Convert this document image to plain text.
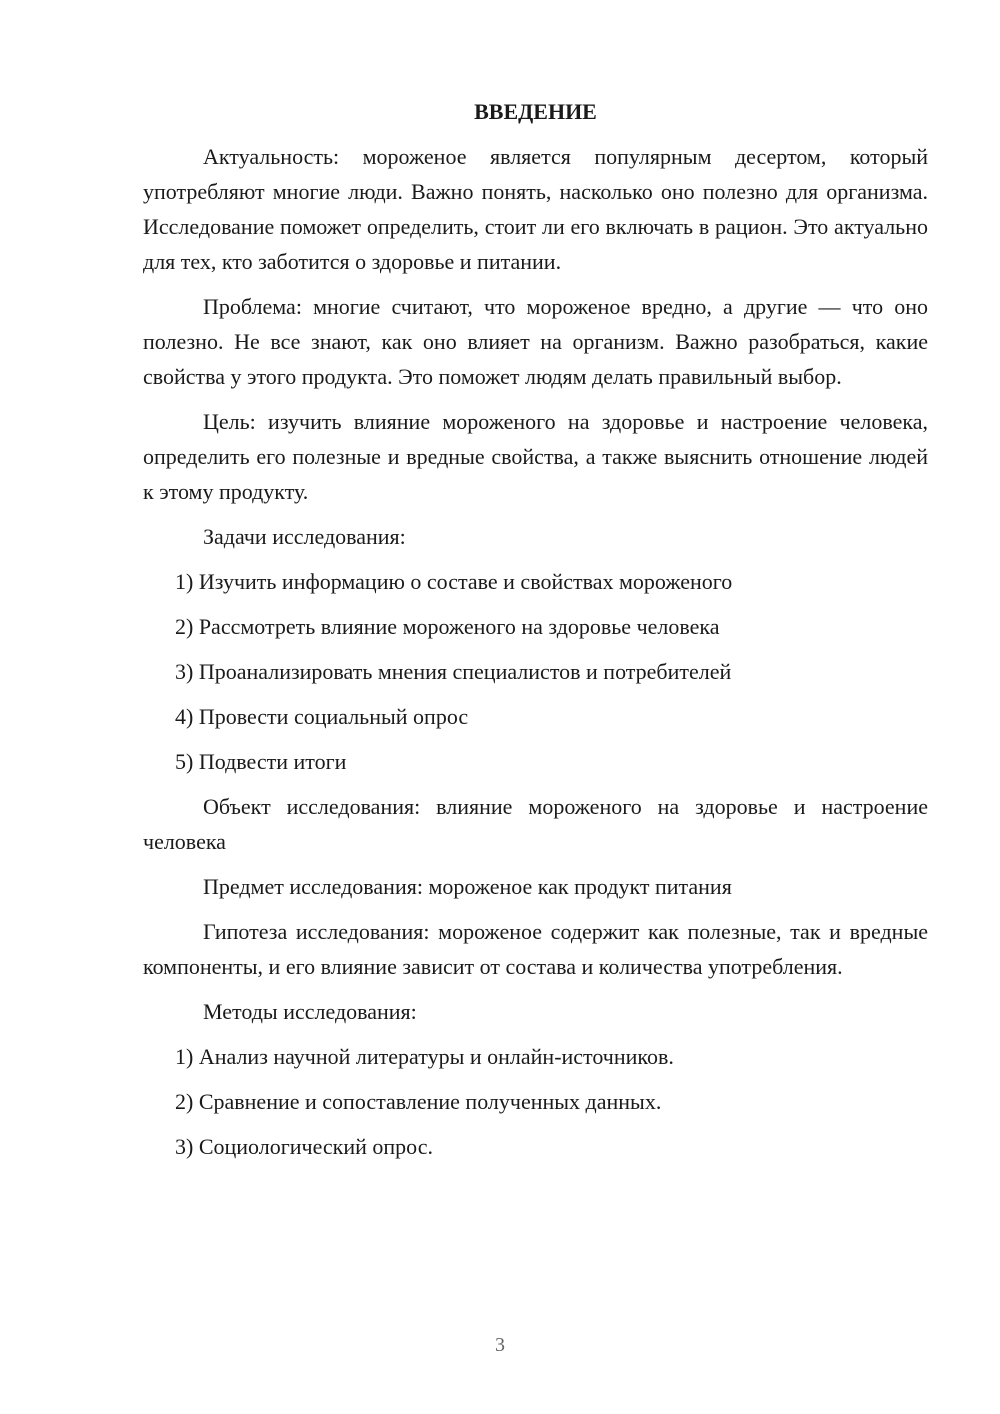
ВВЕДЕНИЕ

Актуальность: мороженое является популярным десертом, который употребляют многие люди. Важно понять, насколько оно полезно для организма. Исследование поможет определить, стоит ли его включать в рацион. Это актуально для тех, кто заботится о здоровье и питании.

Проблема: многие считают, что мороженое вредно, а другие — что оно полезно. Не все знают, как оно влияет на организм. Важно разобраться, какие свойства у этого продукта. Это поможет людям делать правильный выбор.

Цель: изучить влияние мороженого на здоровье и настроение человека, определить его полезные и вредные свойства, а также выяснить отношение людей к этому продукту.

Задачи исследования:

1) Изучить информацию о составе и свойствах мороженого
2) Рассмотреть влияние мороженого на здоровье человека
3) Проанализировать мнения специалистов и потребителей
4) Провести социальный опрос
5) Подвести итоги

Объект исследования: влияние мороженого на здоровье и настроение человека

Предмет исследования: мороженое как продукт питания

Гипотеза исследования: мороженое содержит как полезные, так и вредные компоненты, и его влияние зависит от состава и количества употребления.

Методы исследования:

1) Анализ научной литературы и онлайн-источников.
2) Сравнение и сопоставление полученных данных.
3) Социологический опрос.
3
